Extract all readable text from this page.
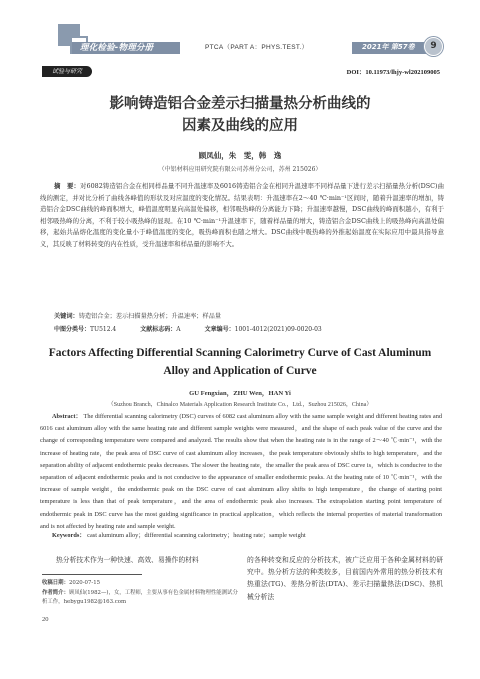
理化检验-物理分册	PTCA（PART A：PHYS.TEST.）	2021年 第57卷	9
试验与研究	DOI：10.11973/lhjy-wl202109005
影响铸造铝合金差示扫描量热分析曲线的
因素及曲线的应用
顾凤仙，朱　雯，韩　逸
（中铝材料应用研究院有限公司苏州分公司，苏州 215026）
摘　要：对6082铸造铝合金在相同样品量不同升温速率及6016铸造铝合金在相同升温速率不同样品量下进行差示扫描量热分析(DSC)曲线的测定，并对比分析了曲线各峰值的形状及对应温度的变化情况。结果表明：升温速率在2～40 ℃·min⁻¹区间时，随着升温速率的增加，铸造铝合金DSC曲线的峰面积增大，峰值温度明显向高温处偏移，相邻吸热峰的分离能力下降；升温速率越慢，DSC曲线的峰面积越小，有利于相邻吸热峰的分离，不利于较小吸热峰的显现。在10 ℃·min⁻¹升温速率下，随着样品量的增大，铸造铝合金DSC曲线上的吸热峰向高温处偏移，起始共晶熔化温度的变化量小于峰值温度的变化，吸热峰面积也随之增大。DSC曲线中吸热峰的外推起始温度在实际应用中最具指导意义，其反映了材料转变的内在性质，受升温速率和样品量的影响不大。
关键词：铸造铝合金；差示扫描量热分析；升温速率；样品量
中图分类号：TU512.4	文献标志码：A	文章编号：1001-4012(2021)09-0020-03
Factors Affecting Differential Scanning Calorimetry Curve of Cast Aluminum
Alloy and Application of Curve
GU Fengxian，ZHU Wen，HAN Yi
（Suzhou Branch，Chinalco Materials Application Research Institute Co.，Ltd.，Suzhou 215026，China）
Abstract： The differential scanning calorimetry (DSC) curves of 6082 cast aluminum alloy with the same sample weight and different heating rates and 6016 cast aluminum alloy with the same heating rate and different sample weights were measured，and the shape of each peak value of the curve and the change of corresponding temperature were compared and analyzed. The results show that when the heating rate is in the range of 2～40 ℃·min⁻¹，with the increase of heating rate，the peak area of DSC curve of cast aluminum alloy increases，the peak temperature obviously shifts to high temperature，and the separation ability of adjacent endothermic peaks decreases. The slower the heating rate，the smaller the peak area of DSC curve is，which is conducive to the separation of adjacent endothermic peaks and is not conducive to the appearance of smaller endothermic peaks. At the heating rate of 10 ℃·min⁻¹，with the increase of sample weight，the endothermic peak on the DSC curve of cast aluminum alloy shifts to high temperature，the change of starting point temperature is less than that of peak temperature，and the area of endothermic peak also increases. The extrapolation starting point temperature of endothermic peak in DSC curve has the most guiding significance in practical application，which reflects the internal properties of material transformation and is not affected by heating rate and sample weight.
Keywords： cast aluminum alloy；differential scanning calorimetry；heating rate；sample weight
热分析技术作为一种快速、高效、易操作的材料	的各种转变和反应的分析技术，被广泛应用于各种金属材料的研究中。热分析方法的种类较多，目前国内外常用的热分析技术有热重法(TG)、差热分析法(DTA)、差示扫描量热法(DSC)、热机械分析法
收稿日期：2020-07-15
作者简介：顾凤仙(1982—)，女，工程师，主要从事有色金属材料物理性能测试分析工作，hebygu1982@163.com
20
